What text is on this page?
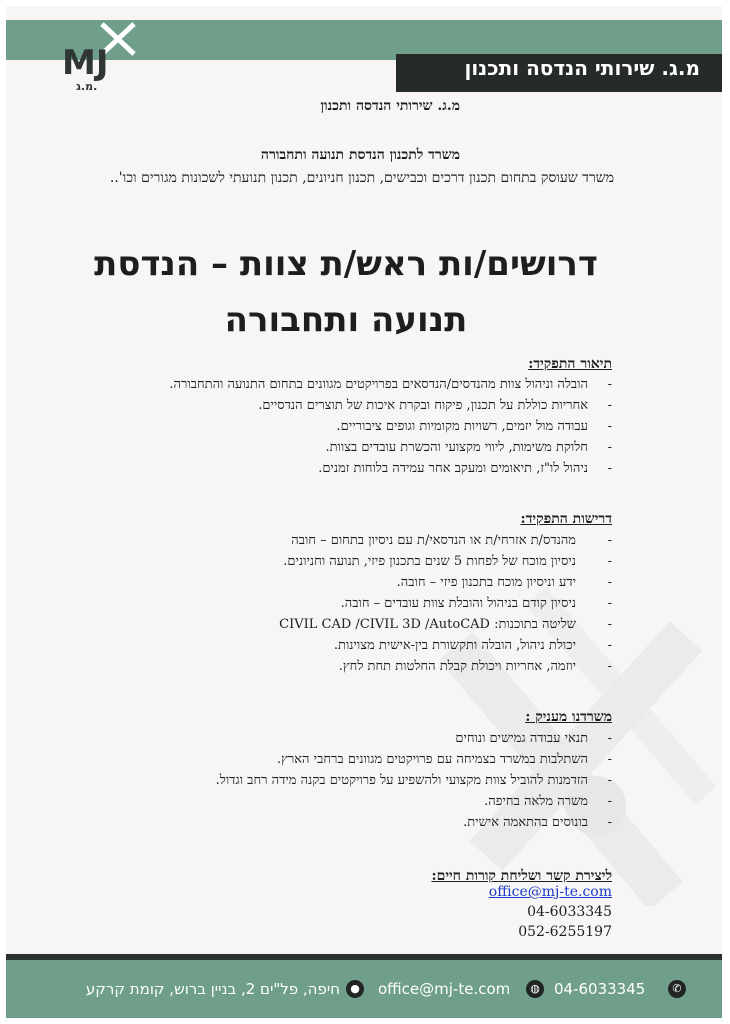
מ.ג. שירותי הנדסה ותכנון
MJ
מ.ג.
מ.ג. שירותי הנדסה ותכנון
משרד לתכנון הנדסת תנועה ותחבורה
משרד שעוסק בתחום תכנון דרכים וכבישים, תכנון חניונים, תכנון תנועתי לשכונות מגורים וכו'..
דרושים/ות ראש/ת צוות – הנדסת תנועה ותחבורה
תיאור התפקיד:
- הובלה וניהול צוות מהנדסים/הנדסאים בפרויקטים מגוונים בתחום התנועה והתחבורה.
- אחריות כוללת על תכנון, פיקוח ובקרת איכות של תוצרים הנדסיים.
- עבודה מול יזמים, רשויות מקומיות וגופים ציבוריים.
- חלוקת משימות, ליווי מקצועי והכשרת עובדים בצוות.
- ניהול לו"ז, תיאומים ומעקב אחר עמידה בלוחות זמנים.
דרישות התפקיד:
- מהנדס/ת אזרחי/ת או הנדסאי/ת עם ניסיון בתחום – חובה
- ניסיון מוכח של לפחות 5 שנים בתכנון פיזי, תנועה וחניונים.
- ידע וניסיון מוכח בתכנון פיזי – חובה.
- ניסיון קודם בניהול והובלת צוות עובדים – חובה.
- שליטה בתוכנות: CIVIL CAD /CIVIL 3D /AutoCAD
- יכולת ניהול, הובלה ותקשורת בין-אישית מצוינות.
- יוזמה, אחריות ויכולת קבלת החלטות תחת לחץ.
משרדנו מעניק :
- תנאי עבודה גמישים ונוחים
- השתלבות במשרד בצמיחה עם פרויקטים מגוונים ברחבי הארץ.
- הזדמנות להוביל צוות מקצועי ולהשפיע על פרויקטים בקנה מידה רחב וגדול.
- משרה מלאה בחיפה.
- בונוסים בהתאמה אישית.
ליצירת קשר ושליחת קורות חיים:
office@mj-te.com
04-6033345
052-6255197
✆
04-6033345
◍
office@mj-te.com
●
חיפה, פל"ים 2, בניין ברוש, קומת קרקע
